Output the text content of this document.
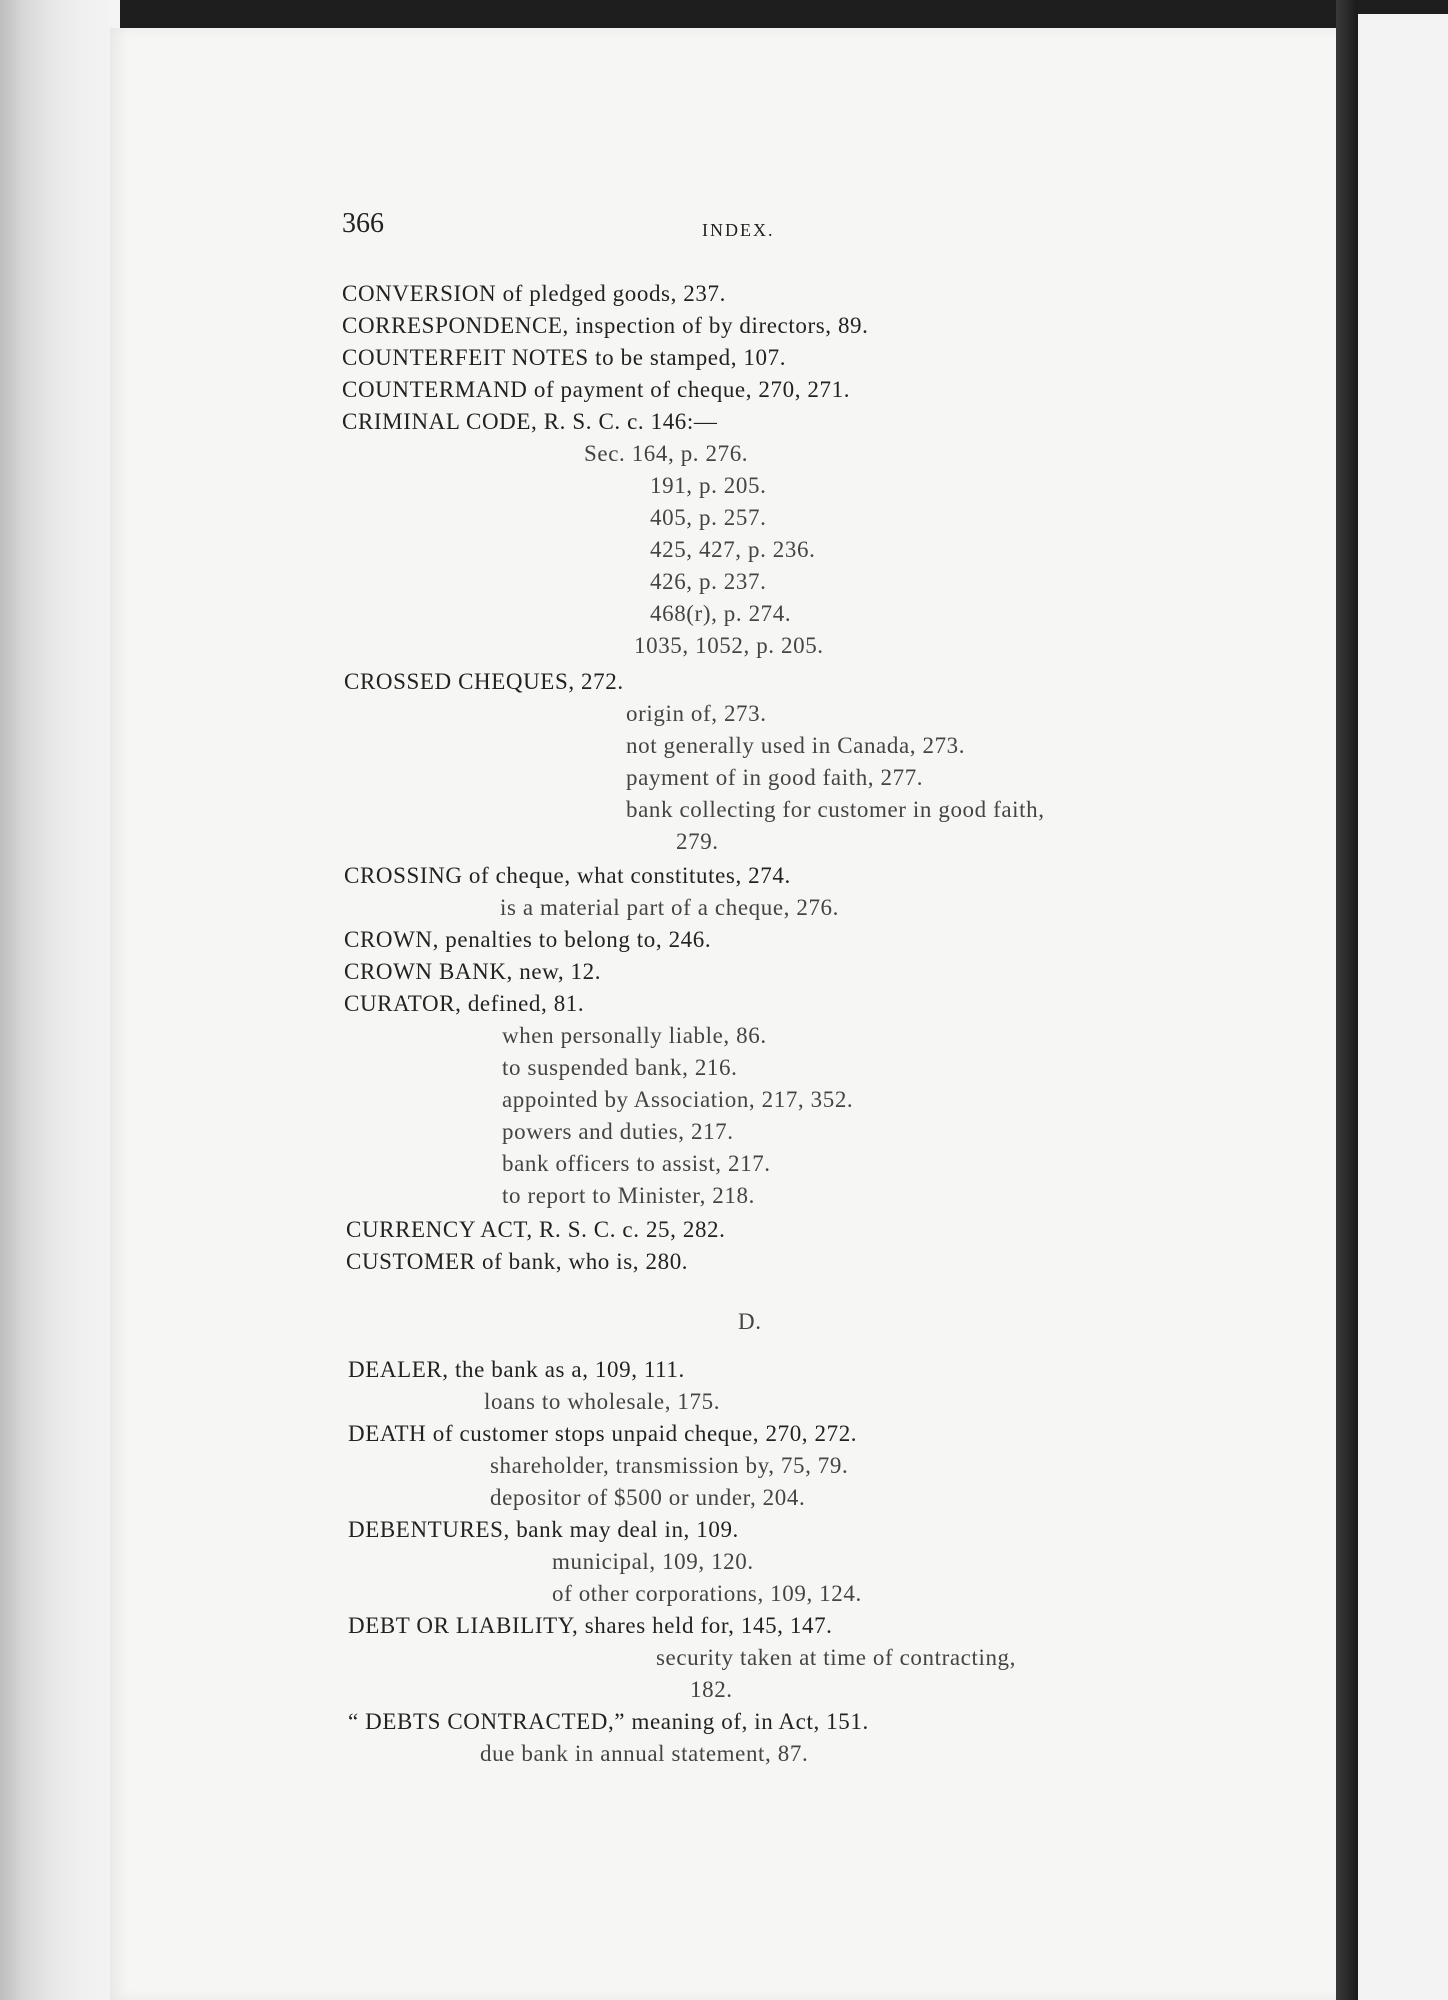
366	INDEX.
CONVERSION of pledged goods, 237.
CORRESPONDENCE, inspection of by directors, 89.
COUNTERFEIT NOTES to be stamped, 107.
COUNTERMAND of payment of cheque, 270, 271.
CRIMINAL CODE, R. S. C. c. 146:—
Sec. 164, p. 276.
191, p. 205.
405, p. 257.
425, 427, p. 236.
426, p. 237.
468(r), p. 274.
1035, 1052, p. 205.
CROSSED CHEQUES, 272.
origin of, 273.
not generally used in Canada, 273.
payment of in good faith, 277.
bank collecting for customer in good faith,
279.
CROSSING of cheque, what constitutes, 274.
is a material part of a cheque, 276.
CROWN, penalties to belong to, 246.
CROWN BANK, new, 12.
CURATOR, defined, 81.
when personally liable, 86.
to suspended bank, 216.
appointed by Association, 217, 352.
powers and duties, 217.
bank officers to assist, 217.
to report to Minister, 218.
CURRENCY ACT, R. S. C. c. 25, 282.
CUSTOMER of bank, who is, 280.
D.
DEALER, the bank as a, 109, 111.
loans to wholesale, 175.
DEATH of customer stops unpaid cheque, 270, 272.
shareholder, transmission by, 75, 79.
depositor of $500 or under, 204.
DEBENTURES, bank may deal in, 109.
municipal, 109, 120.
of other corporations, 109, 124.
DEBT OR LIABILITY, shares held for, 145, 147.
security taken at time of contracting,
182.
“ DEBTS CONTRACTED,” meaning of, in Act, 151.
due bank in annual statement, 87.
